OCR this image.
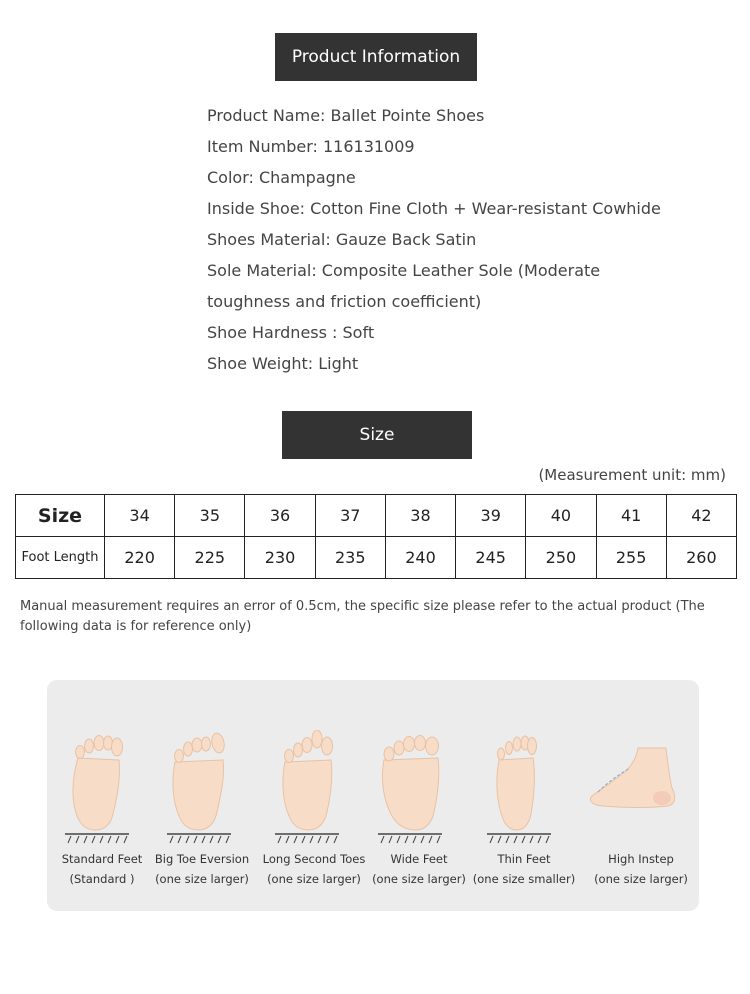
Product Information
Product Name: Ballet Pointe Shoes
Item Number: 116131009
Color: Champagne
Inside Shoe: Cotton Fine Cloth + Wear-resistant Cowhide
Shoes Material: Gauze Back Satin
Sole Material: Composite Leather Sole (Moderate
toughness and friction coefficient)
Shoe Hardness : Soft
Shoe Weight: Light
Size
(Measurement unit: mm)
Size	34	35	36	37	38	39	40	41	42
Foot Length	220	225	230	235	240	245	250	255	260
Manual measurement requires an error of 0.5cm, the specific size please refer to the actual product (The following data is for reference only)
Standard Feet
(Standard )
Big Toe Eversion
(one size larger)
Long Second Toes
(one size larger)
Wide Feet
(one size larger)
Thin Feet
(one size smaller)
High Instep
(one size larger)
